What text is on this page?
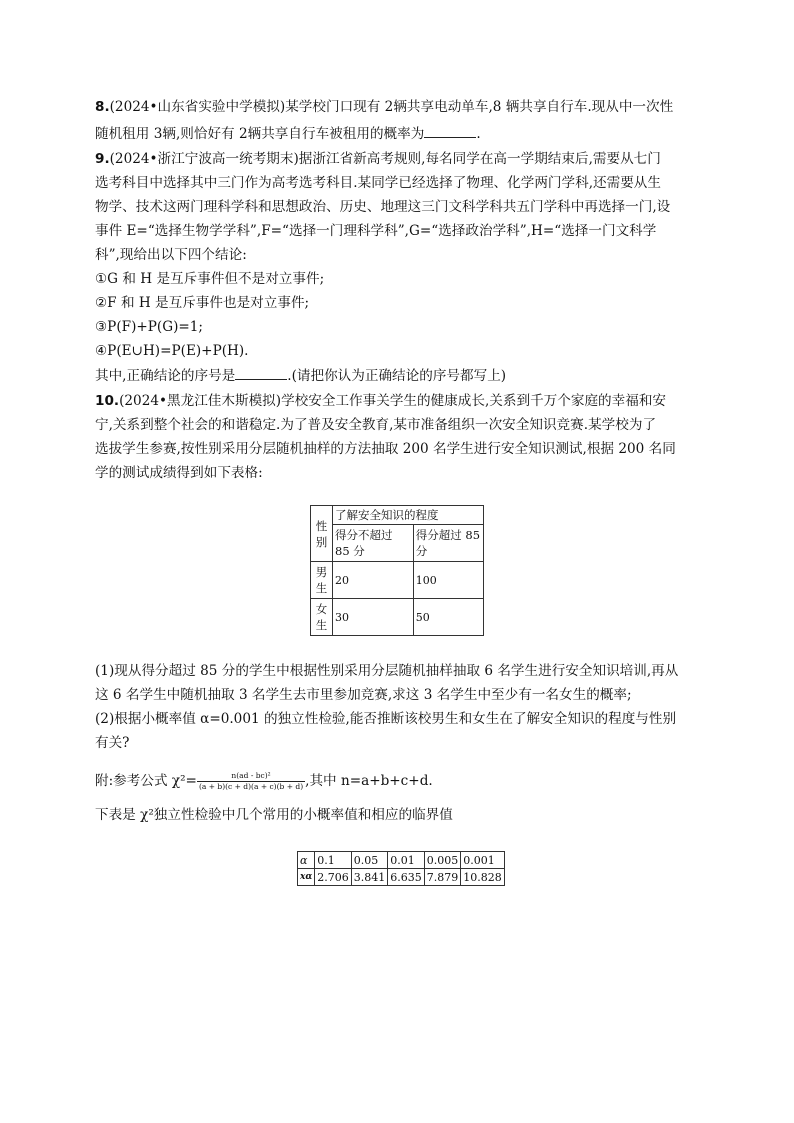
8.(2024•山东省实验中学模拟)某学校门口现有 2辆共享电动单车,8 辆共享自行车.现从中一次性
随机租用 3辆,则恰好有 2辆共享自行车被租用的概率为	.
9.(2024•浙江宁波高一统考期末)据浙江省新高考规则,每名同学在高一学期结束后,需要从七门
选考科目中选择其中三门作为高考选考科目.某同学已经选择了物理、化学两门学科,还需要从生
物学、技术这两门理科学科和思想政治、历史、地理这三门文科学科共五门学科中再选择一门,设
事件 E=“选择生物学学科”,F=“选择一门理科学科”,G=“选择政治学科”,H=“选择一门文科学
科”,现给出以下四个结论:
①G 和 H 是互斥事件但不是对立事件;
②F 和 H 是互斥事件也是对立事件;
③P(F)+P(G)=1;
④P(E∪H)=P(E)+P(H).
其中,正确结论的序号是	.(请把你认为正确结论的序号都写上)
10.(2024•黑龙江佳木斯模拟)学校安全工作事关学生的健康成长,关系到千万个家庭的幸福和安
宁,关系到整个社会的和谐稳定.为了普及安全教育,某市准备组织一次安全知识竞赛.某学校为了
选拔学生参赛,按性别采用分层随机抽样的方法抽取 200 名学生进行安全知识测试,根据 200 名同
学的测试成绩得到如下表格:
性别	了解安全知识的程度	
	得分不超过 85 分	得分超过 85 分
男生	20	100
女生	30	50
(1)现从得分超过 85 分的学生中根据性别采用分层随机抽样抽取 6 名学生进行安全知识培训,再从
这 6 名学生中随机抽取 3 名学生去市里参加竞赛,求这 3 名学生中至少有一名女生的概率;
(2)根据小概率值 α=0.001 的独立性检验,能否推断该校男生和女生在了解安全知识的程度与性别
有关?
附:参考公式 $\chi^2= \frac{\text{n(ad - bc)²}}{(a + b)(c + d)(a + c)(b + d)}$ ,其中 n=a+b+c+d.
下表是 χ²独立性检验中几个常用的小概率值和相应的临界值
α	0.1	0.05	0.01	0.005	0.001
xα	2.706	3.841	6.635	7.879	10.828
